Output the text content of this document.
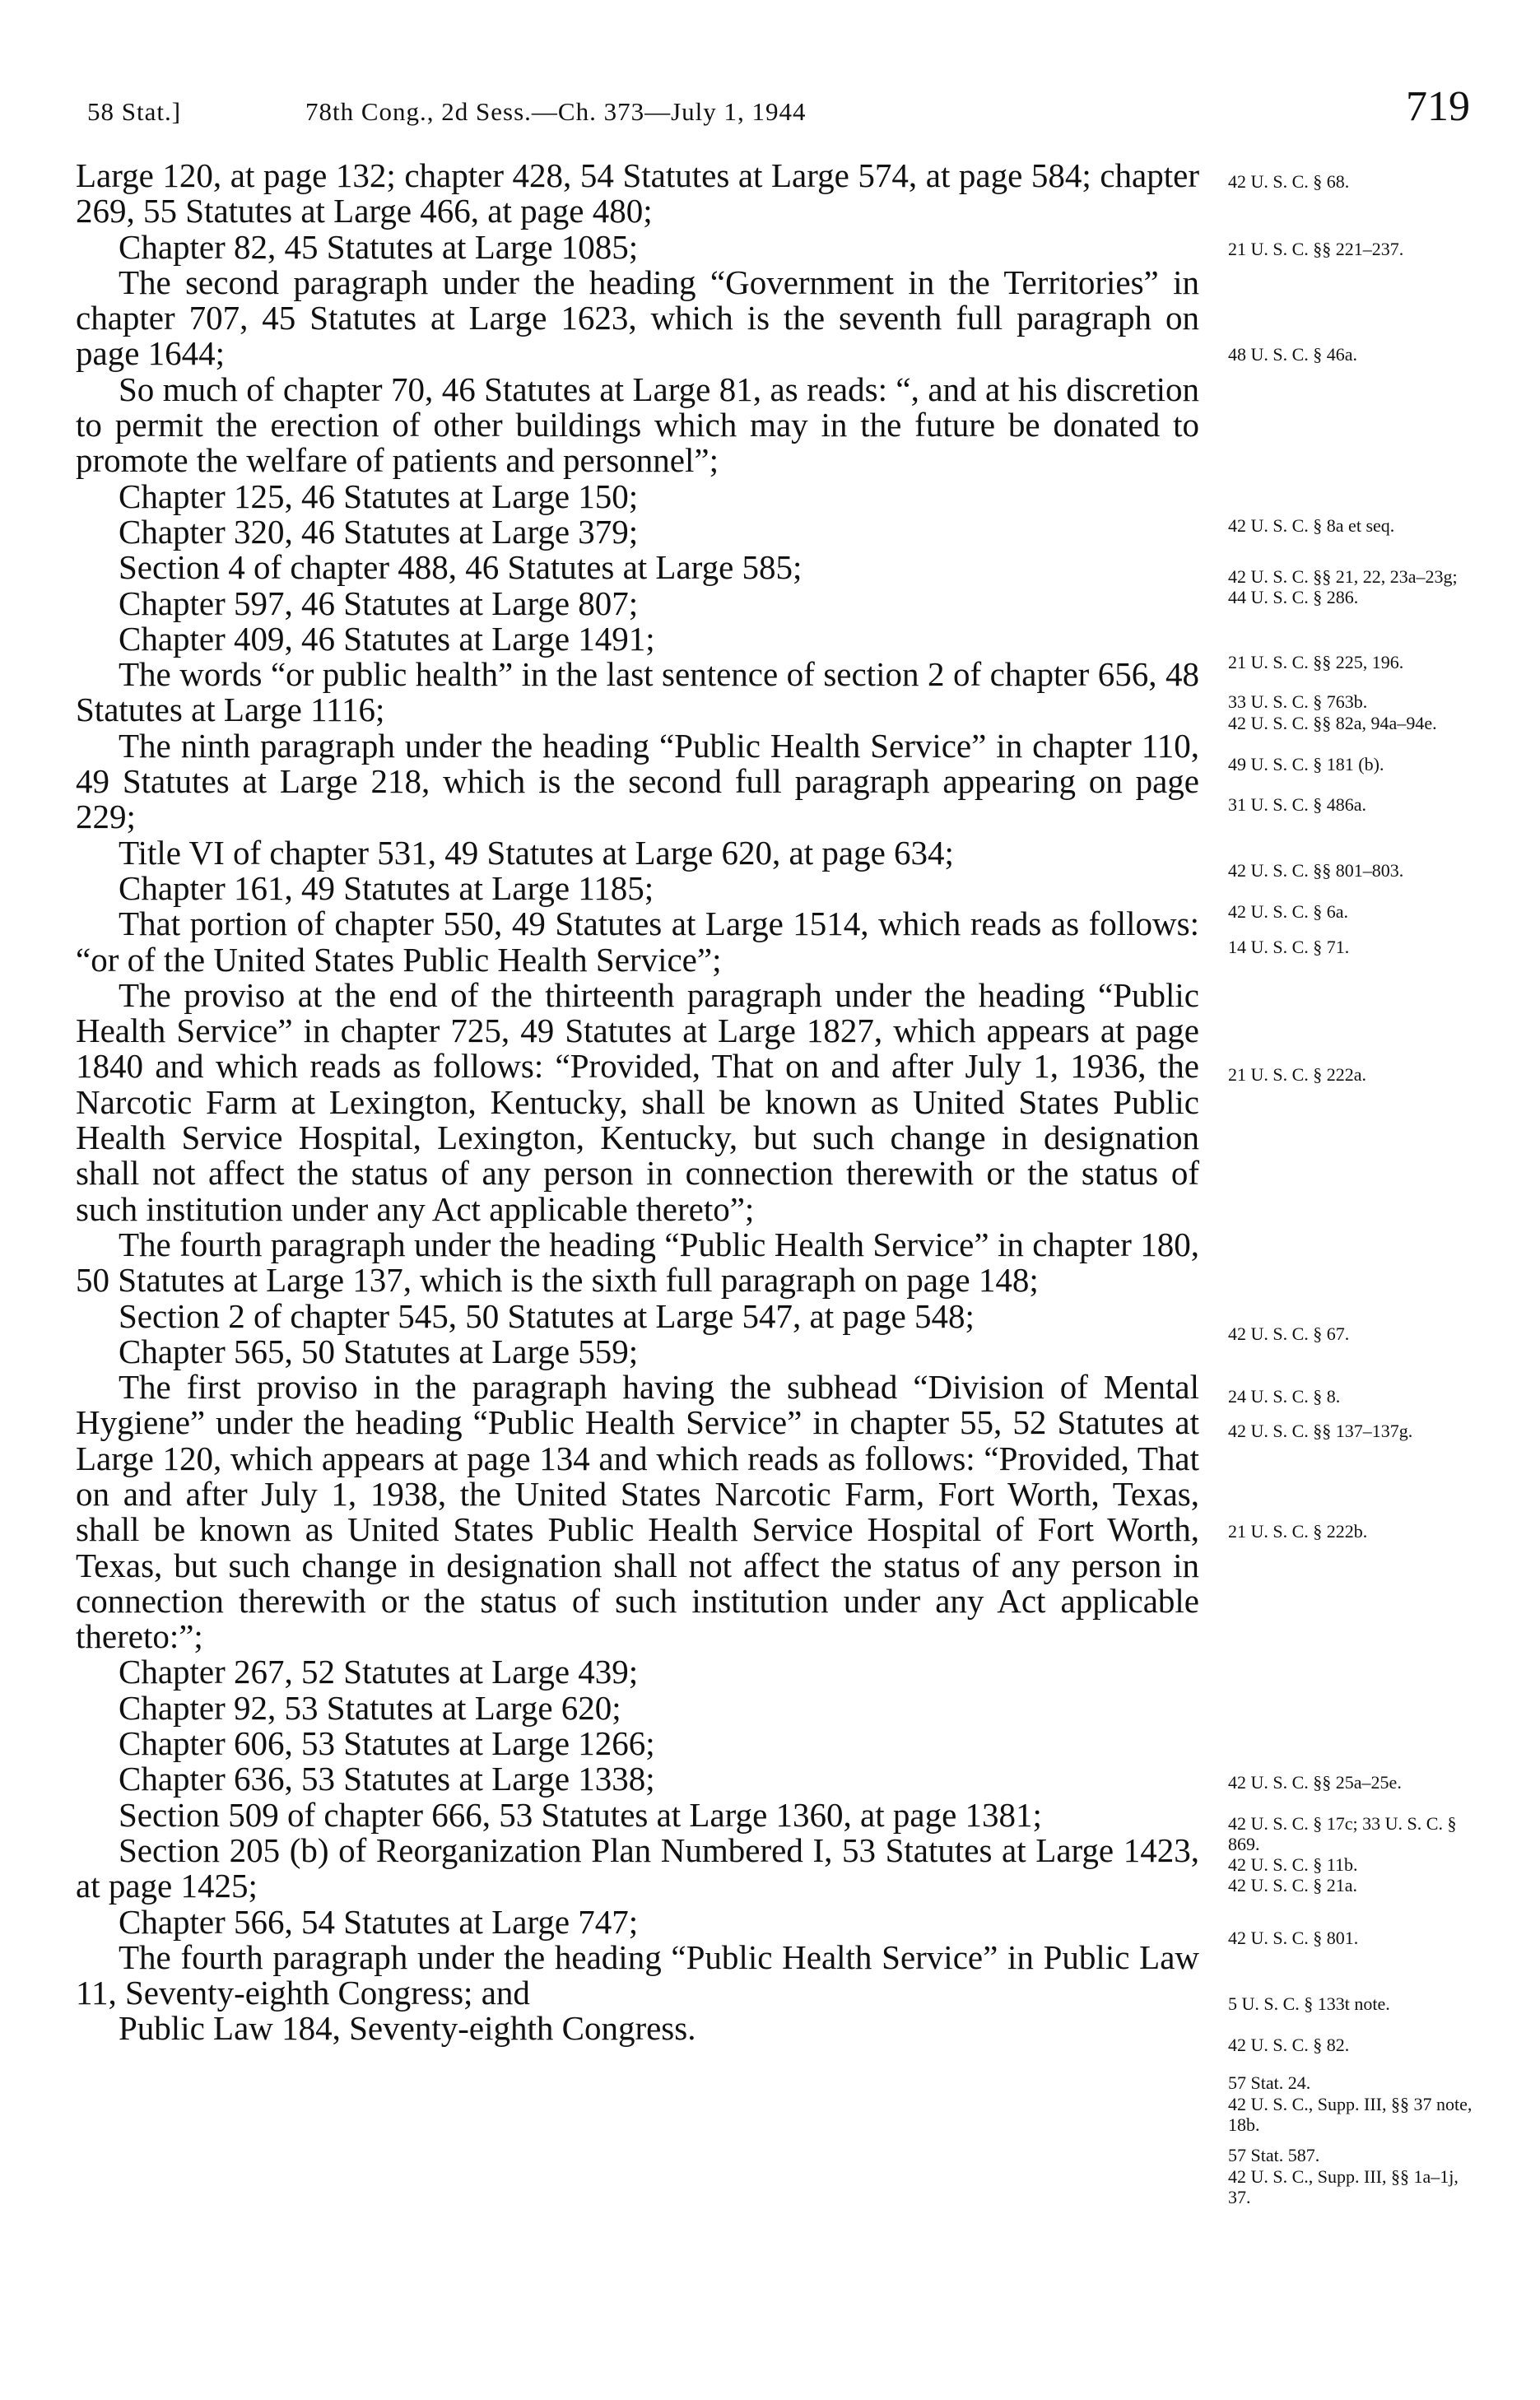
58 Stat.]	78th Cong., 2d Sess.—Ch. 373—July 1, 1944	719

Large 120, at page 132; chapter 428, 54 Statutes at Large 574, at page 584; chapter 269, 55 Statutes at Large 466, at page 480;

Chapter 82, 45 Statutes at Large 1085;

The second paragraph under the heading “Government in the Territories” in chapter 707, 45 Statutes at Large 1623, which is the seventh full paragraph on page 1644;

So much of chapter 70, 46 Statutes at Large 81, as reads: “, and at his discretion to permit the erection of other buildings which may in the future be donated to promote the welfare of patients and personnel”;

Chapter 125, 46 Statutes at Large 150;

Chapter 320, 46 Statutes at Large 379;

Section 4 of chapter 488, 46 Statutes at Large 585;

Chapter 597, 46 Statutes at Large 807;

Chapter 409, 46 Statutes at Large 1491;

The words “or public health” in the last sentence of section 2 of chapter 656, 48 Statutes at Large 1116;

The ninth paragraph under the heading “Public Health Service” in chapter 110, 49 Statutes at Large 218, which is the second full paragraph appearing on page 229;

Title VI of chapter 531, 49 Statutes at Large 620, at page 634;

Chapter 161, 49 Statutes at Large 1185;

That portion of chapter 550, 49 Statutes at Large 1514, which reads as follows: “or of the United States Public Health Service”;

The proviso at the end of the thirteenth paragraph under the heading “Public Health Service” in chapter 725, 49 Statutes at Large 1827, which appears at page 1840 and which reads as follows: “Provided, That on and after July 1, 1936, the Narcotic Farm at Lexington, Kentucky, shall be known as United States Public Health Service Hospital, Lexington, Kentucky, but such change in designation shall not affect the status of any person in connection therewith or the status of such institution under any Act applicable thereto”;

The fourth paragraph under the heading “Public Health Service” in chapter 180, 50 Statutes at Large 137, which is the sixth full paragraph on page 148;

Section 2 of chapter 545, 50 Statutes at Large 547, at page 548;

Chapter 565, 50 Statutes at Large 559;

The first proviso in the paragraph having the subhead “Division of Mental Hygiene” under the heading “Public Health Service” in chapter 55, 52 Statutes at Large 120, which appears at page 134 and which reads as follows: “Provided, That on and after July 1, 1938, the United States Narcotic Farm, Fort Worth, Texas, shall be known as United States Public Health Service Hospital of Fort Worth, Texas, but such change in designation shall not affect the status of any person in connection therewith or the status of such institution under any Act applicable thereto:”;

Chapter 267, 52 Statutes at Large 439;

Chapter 92, 53 Statutes at Large 620;

Chapter 606, 53 Statutes at Large 1266;

Chapter 636, 53 Statutes at Large 1338;

Section 509 of chapter 666, 53 Statutes at Large 1360, at page 1381;

Section 205 (b) of Reorganization Plan Numbered I, 53 Statutes at Large 1423, at page 1425;

Chapter 566, 54 Statutes at Large 747;

The fourth paragraph under the heading “Public Health Service” in Public Law 11, Seventy-eighth Congress; and

Public Law 184, Seventy-eighth Congress.

42 U. S. C. § 68.
21 U. S. C. §§ 221–237.
48 U. S. C. § 46a.
42 U. S. C. § 8a et seq.
42 U. S. C. §§ 21, 22, 23a–23g; 44 U. S. C. § 286.
21 U. S. C. §§ 225, 196.
33 U. S. C. § 763b.
42 U. S. C. §§ 82a, 94a–94e.
49 U. S. C. § 181 (b).
31 U. S. C. § 486a.
42 U. S. C. §§ 801–803.
42 U. S. C. § 6a.
14 U. S. C. § 71.
21 U. S. C. § 222a.
42 U. S. C. § 67.
24 U. S. C. § 8.
42 U. S. C. §§ 137–137g.
21 U. S. C. § 222b.
42 U. S. C. §§ 25a–25e.
42 U. S. C. § 17c; 33 U. S. C. § 869.
42 U. S. C. § 11b.
42 U. S. C. § 21a.
42 U. S. C. § 801.
5 U. S. C. § 133t note.
42 U. S. C. § 82.
57 Stat. 24.
42 U. S. C., Supp. III, §§ 37 note, 18b.
57 Stat. 587.
42 U. S. C., Supp. III, §§ 1a–1j, 37.
